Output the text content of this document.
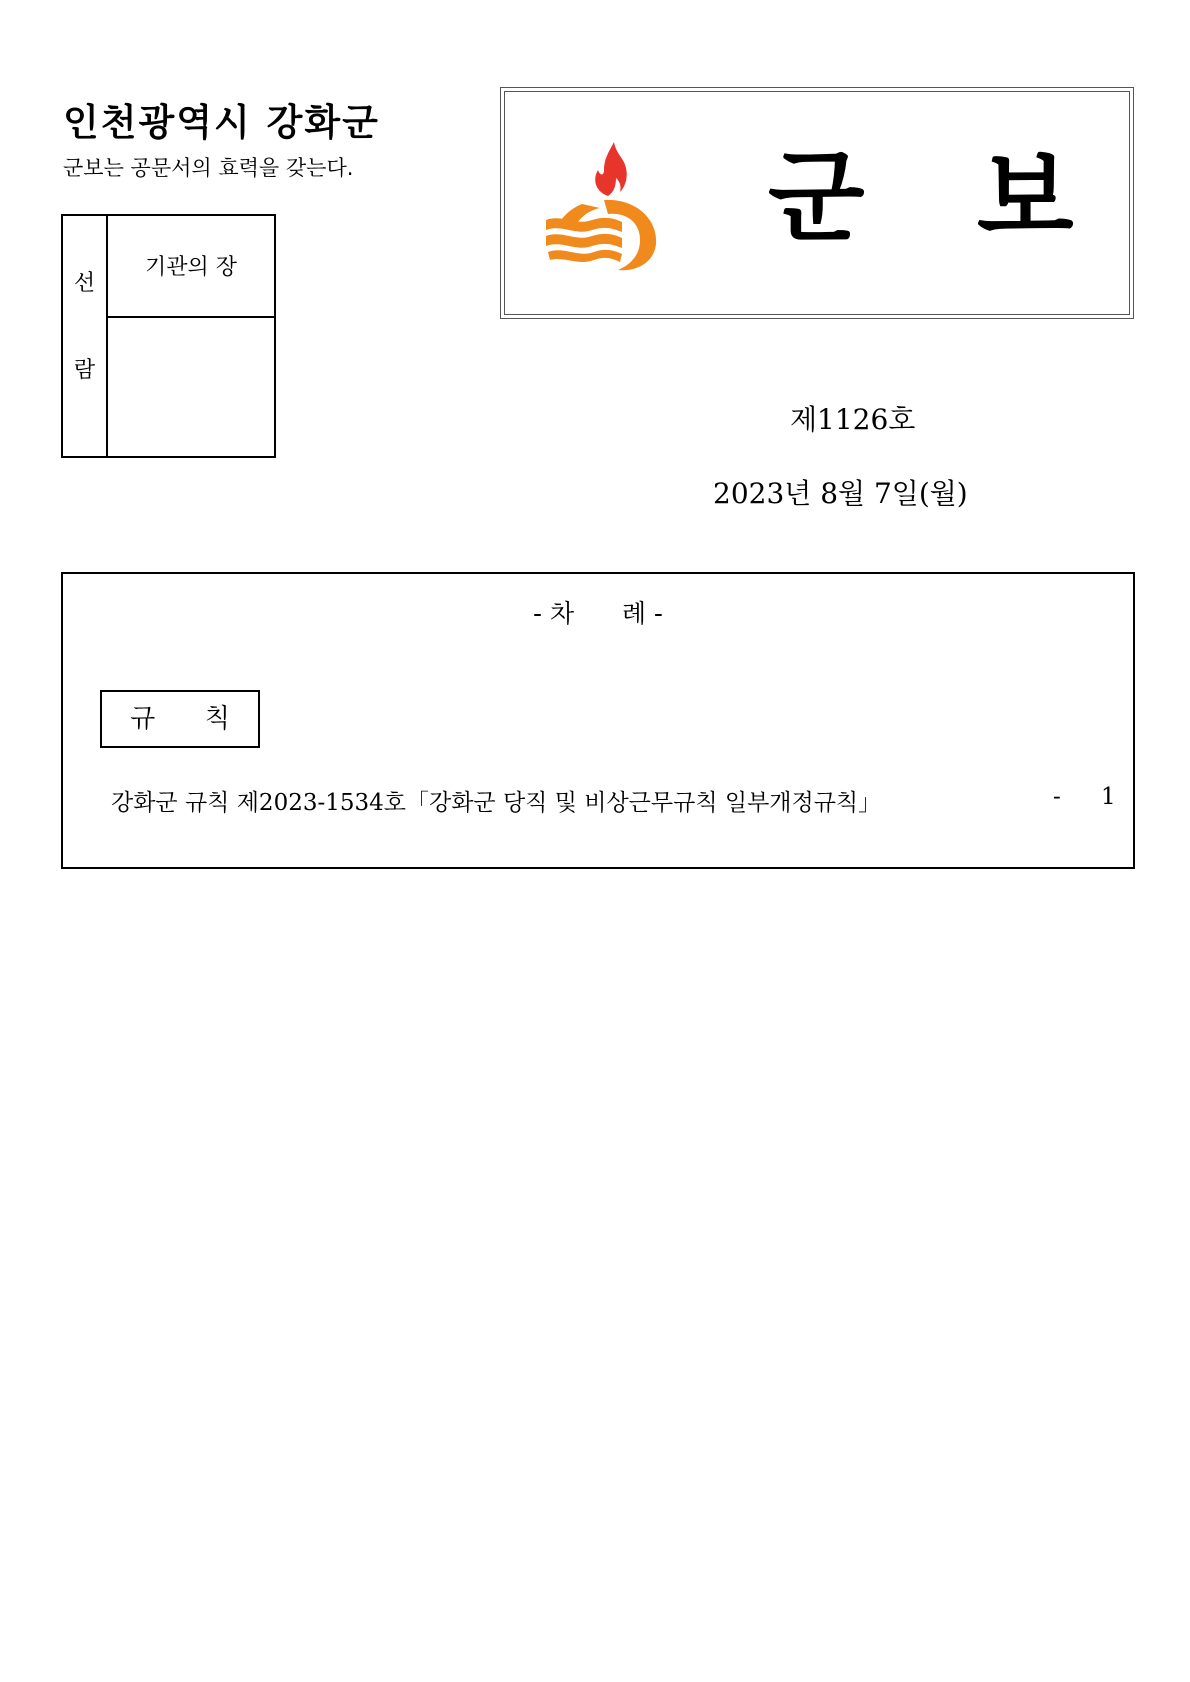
인천광역시 강화군
군보는 공문서의 효력을 갖는다.
선
람
기관의 장
군 보
제1126호
2023년 8월 7일(월)
- 차      례 -
규      칙
강화군 규칙 제2023-1534호「강화군 당직 및 비상근무규칙 일부개정규칙」	- 1
